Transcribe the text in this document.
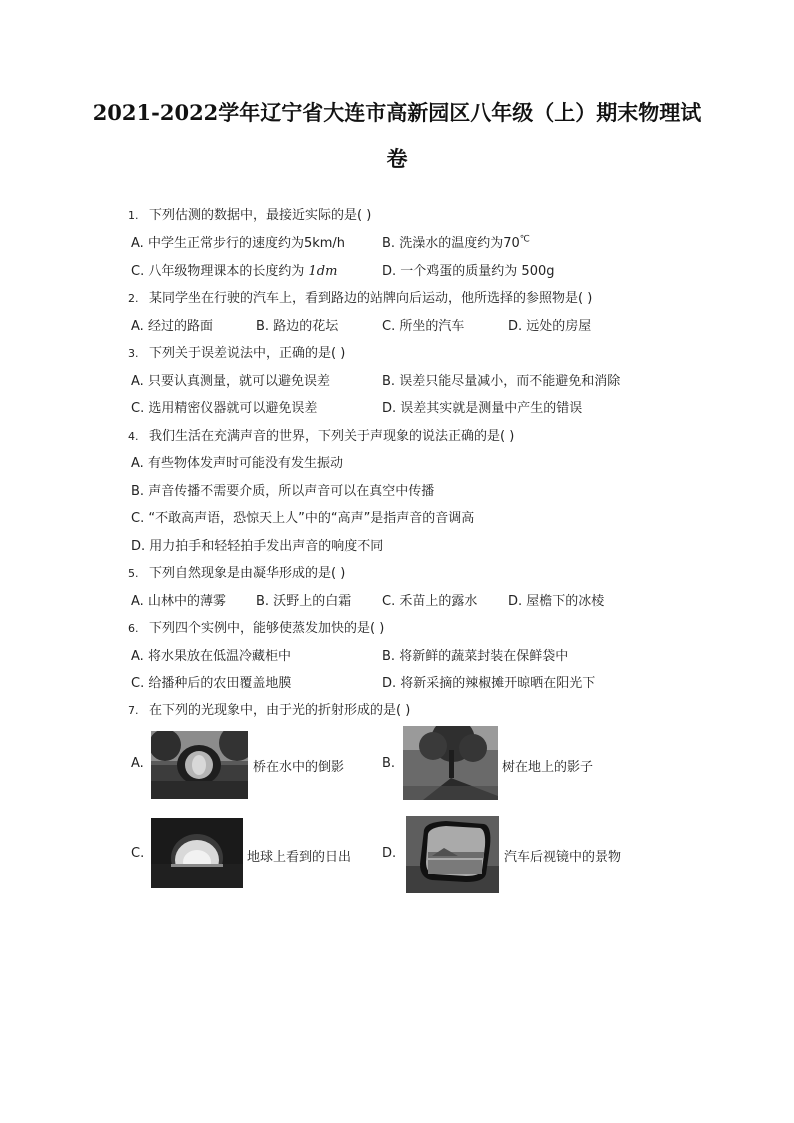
2021-2022学年辽宁省大连市高新园区八年级（上）期末物理试
卷
1. 下列估测的数据中，最接近实际的是( )
A. 中学生正常步行的速度约为5km/h	B. 洗澡水的温度约为70℃
C. 八年级物理课本的长度约为 1dm	D. 一个鸡蛋的质量约为 500g
2. 某同学坐在行驶的汽车上，看到路边的站牌向后运动，他所选择的参照物是( )
A. 经过的路面	B. 路边的花坛	C. 所坐的汽车	D. 远处的房屋
3. 下列关于误差说法中，正确的是( )
A. 只要认真测量，就可以避免误差	B. 误差只能尽量减小，而不能避免和消除
C. 选用精密仪器就可以避免误差	D. 误差其实就是测量中产生的错误
4. 我们生活在充满声音的世界，下列关于声现象的说法正确的是( )
A. 有些物体发声时可能没有发生振动
B. 声音传播不需要介质，所以声音可以在真空中传播
C. “不敢高声语，恐惊天上人”中的“高声”是指声音的音调高
D. 用力拍手和轻轻拍手发出声音的响度不同
5. 下列自然现象是由凝华形成的是( )
A. 山林中的薄雾 B. 沃野上的白霜 C. 禾苗上的露水 D. 屋檐下的冰棱
6. 下列四个实例中，能够使蒸发加快的是( )
A. 将水果放在低温冷藏柜中	B. 将新鲜的蔬菜封装在保鲜袋中
C. 给播种后的农田覆盖地膜	D. 将新采摘的辣椒摊开晾晒在阳光下
7. 在下列的光现象中，由于光的折射形成的是( )
A.	桥在水中的倒影	B.	树在地上的影子
C.	地球上看到的日出 D.	汽车后视镜中的景物
